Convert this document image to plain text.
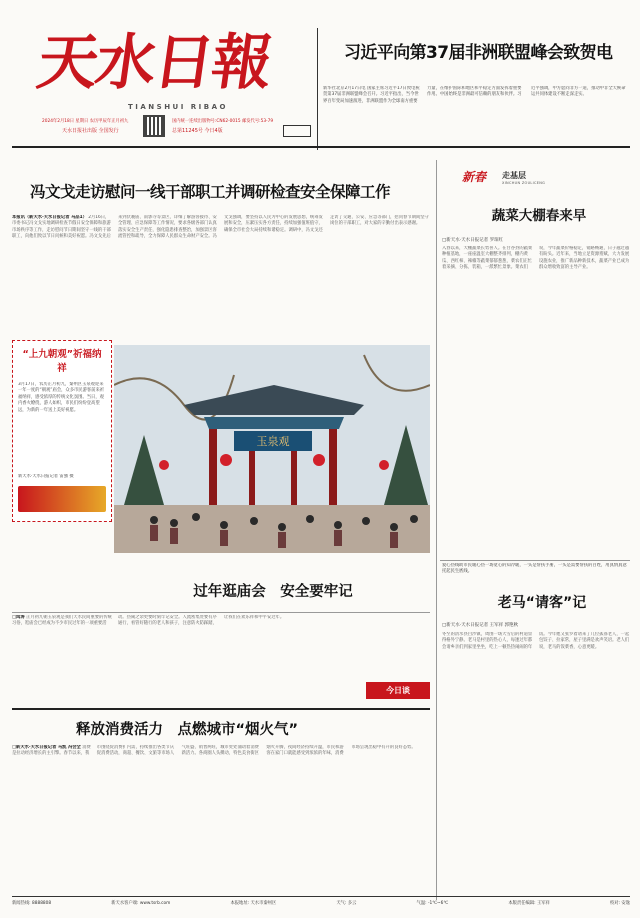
天水日報
TIANSHUI RIBAO
2024年2月18日 星期日 农历甲辰年正月初九
天水日报社出版 全国发行
国内统一连续出版物号:CN62-0015 邮发代号:53-79
总第11245号 今日4版
习近平向第37届非洲联盟峰会致贺电
新华社北京2月17日电 国家主席习近平17日致电祝贺第37届非洲联盟峰会召开。习近平指出，当今世界百年变局加速演进，非洲联盟作为全球南方重要力量，在维护国际和地区和平稳定方面发挥着重要作用。中国始终是非洲最可信赖的朋友和伙伴。习近平强调，中方愿同非方一道，推动中非全天候命运共同体建设不断走深走实。
冯文戈走访慰问一线干部职工并调研检查安全保障工作
本报讯（新天水·天水日报记者 马品1） 2月16日，市委书记冯文戈实地调研检查节假日安全保障和旅游市场秩序等工作，走访慰问节日期间坚守一线的干部职工，向他们致以节日问候和美好祝愿。冯文戈先后来到伏羲庙、南郭寺等景区，详细了解游客接待、安全管理、应急保障等工作情况，要求各级各部门认真落实安全生产责任，强化隐患排查整治，加强景区客流管控和疏导，全力保障人民群众生命财产安全。冯文戈强调，要坚持以人民为中心的发展思想，统筹发展和安全，压紧压实各方责任，持续加强值班值守，确保全市社会大局持续和谐稳定。调研中，冯文戈还走访了交通、公安、应急等部门，慰问春节期间坚守岗位的干部职工，对大家的辛勤付出表示感谢。
“上九朝观”祈福纳祥
3月17日，农历正月初九，秦州区玉泉观迎来一年一度的“朝观”庙会，众多市民游客前来祈福纳祥，感受浓厚的传统文化氛围。当日，观内香火缭绕，游人如织，市民们纷纷登高望远，为新的一年送上美好祝愿。
新天水·天水日报记者 雷强 摄
玉泉观
过年逛庙会　安全要牢记
□鸿涛 正月初九朝玉泉观是我们天水民间重要的传统习俗，逛庙会已经成为不少市民过年的一项重要活动。热闹之余更要时刻牢记安全。人流密集处要有序通行，看管好随行的老人和孩子，注意防火防踩踏，让我们在欢乐祥和中平安过年。
今日谈
释放消费活力　点燃城市“烟火气”
□新天水·天水日报记者 马凯 冯会全 消费是拉动经济增长的主引擎。春节以来，我市围绕促消费扩内需，持续推出各类节庆促消费活动，商超、餐饮、文旅等市场人气旺盛、销售两旺，城市处处涌动着消费新活力。各商圈人头攒动，特色美食街区烟火升腾，夜间经济持续升温，市民和游客在家门口就能感受到浓浓的年味，消费市场呈现出稳中有升的良好态势。
新春 走基层
XINCHUN ZOULICENG
蔬菜大棚春来早
□新天水·天水日报记者 罗琛红
入春以来，大棚蔬菜长势喜人。在甘谷县的蔬菜种植基地，一座座温室大棚整齐排列，棚内黄瓜、西红柿、辣椒等蔬菜郁郁葱葱，菜农们正忙着采摘、分拣、装箱，一派繁忙景象。菜农们说，今年蔬菜价格稳定，销路畅通，日子越过越有盼头。近年来，当地立足资源禀赋，大力发展设施农业，推广新品种新技术，蔬菜产业已成为群众增收致富的主导产业。
爱心热线助市民暖心热一场宽心的知冷暖，一头是帮扶手册，一头是需要帮扶的百姓，用真情真意托起民生底线。
老马“请客”记
□新天水·天水日报记者 王军祥 郭艳秋
冬至的清水县白沙镇，周围一场大雪后的村道显得格外宁静。老马是村里的热心人，每逢过年都会请乡亲们到家里坐坐，吃上一顿热热闹闹的年饭。今年他又张罗着请来了几位孤寡老人，一起包饺子、拉家常，屋子里满是欢声笑语。老人们说，老马的饭菜香，心意更暖。
新闻热线: 8888808	新天水客户端: www.tsrb.com	本报地址: 天水市秦州区	天气: 多云	气温: -1℃~6℃	本版责任编辑: 王军祥	校对: 安逸
